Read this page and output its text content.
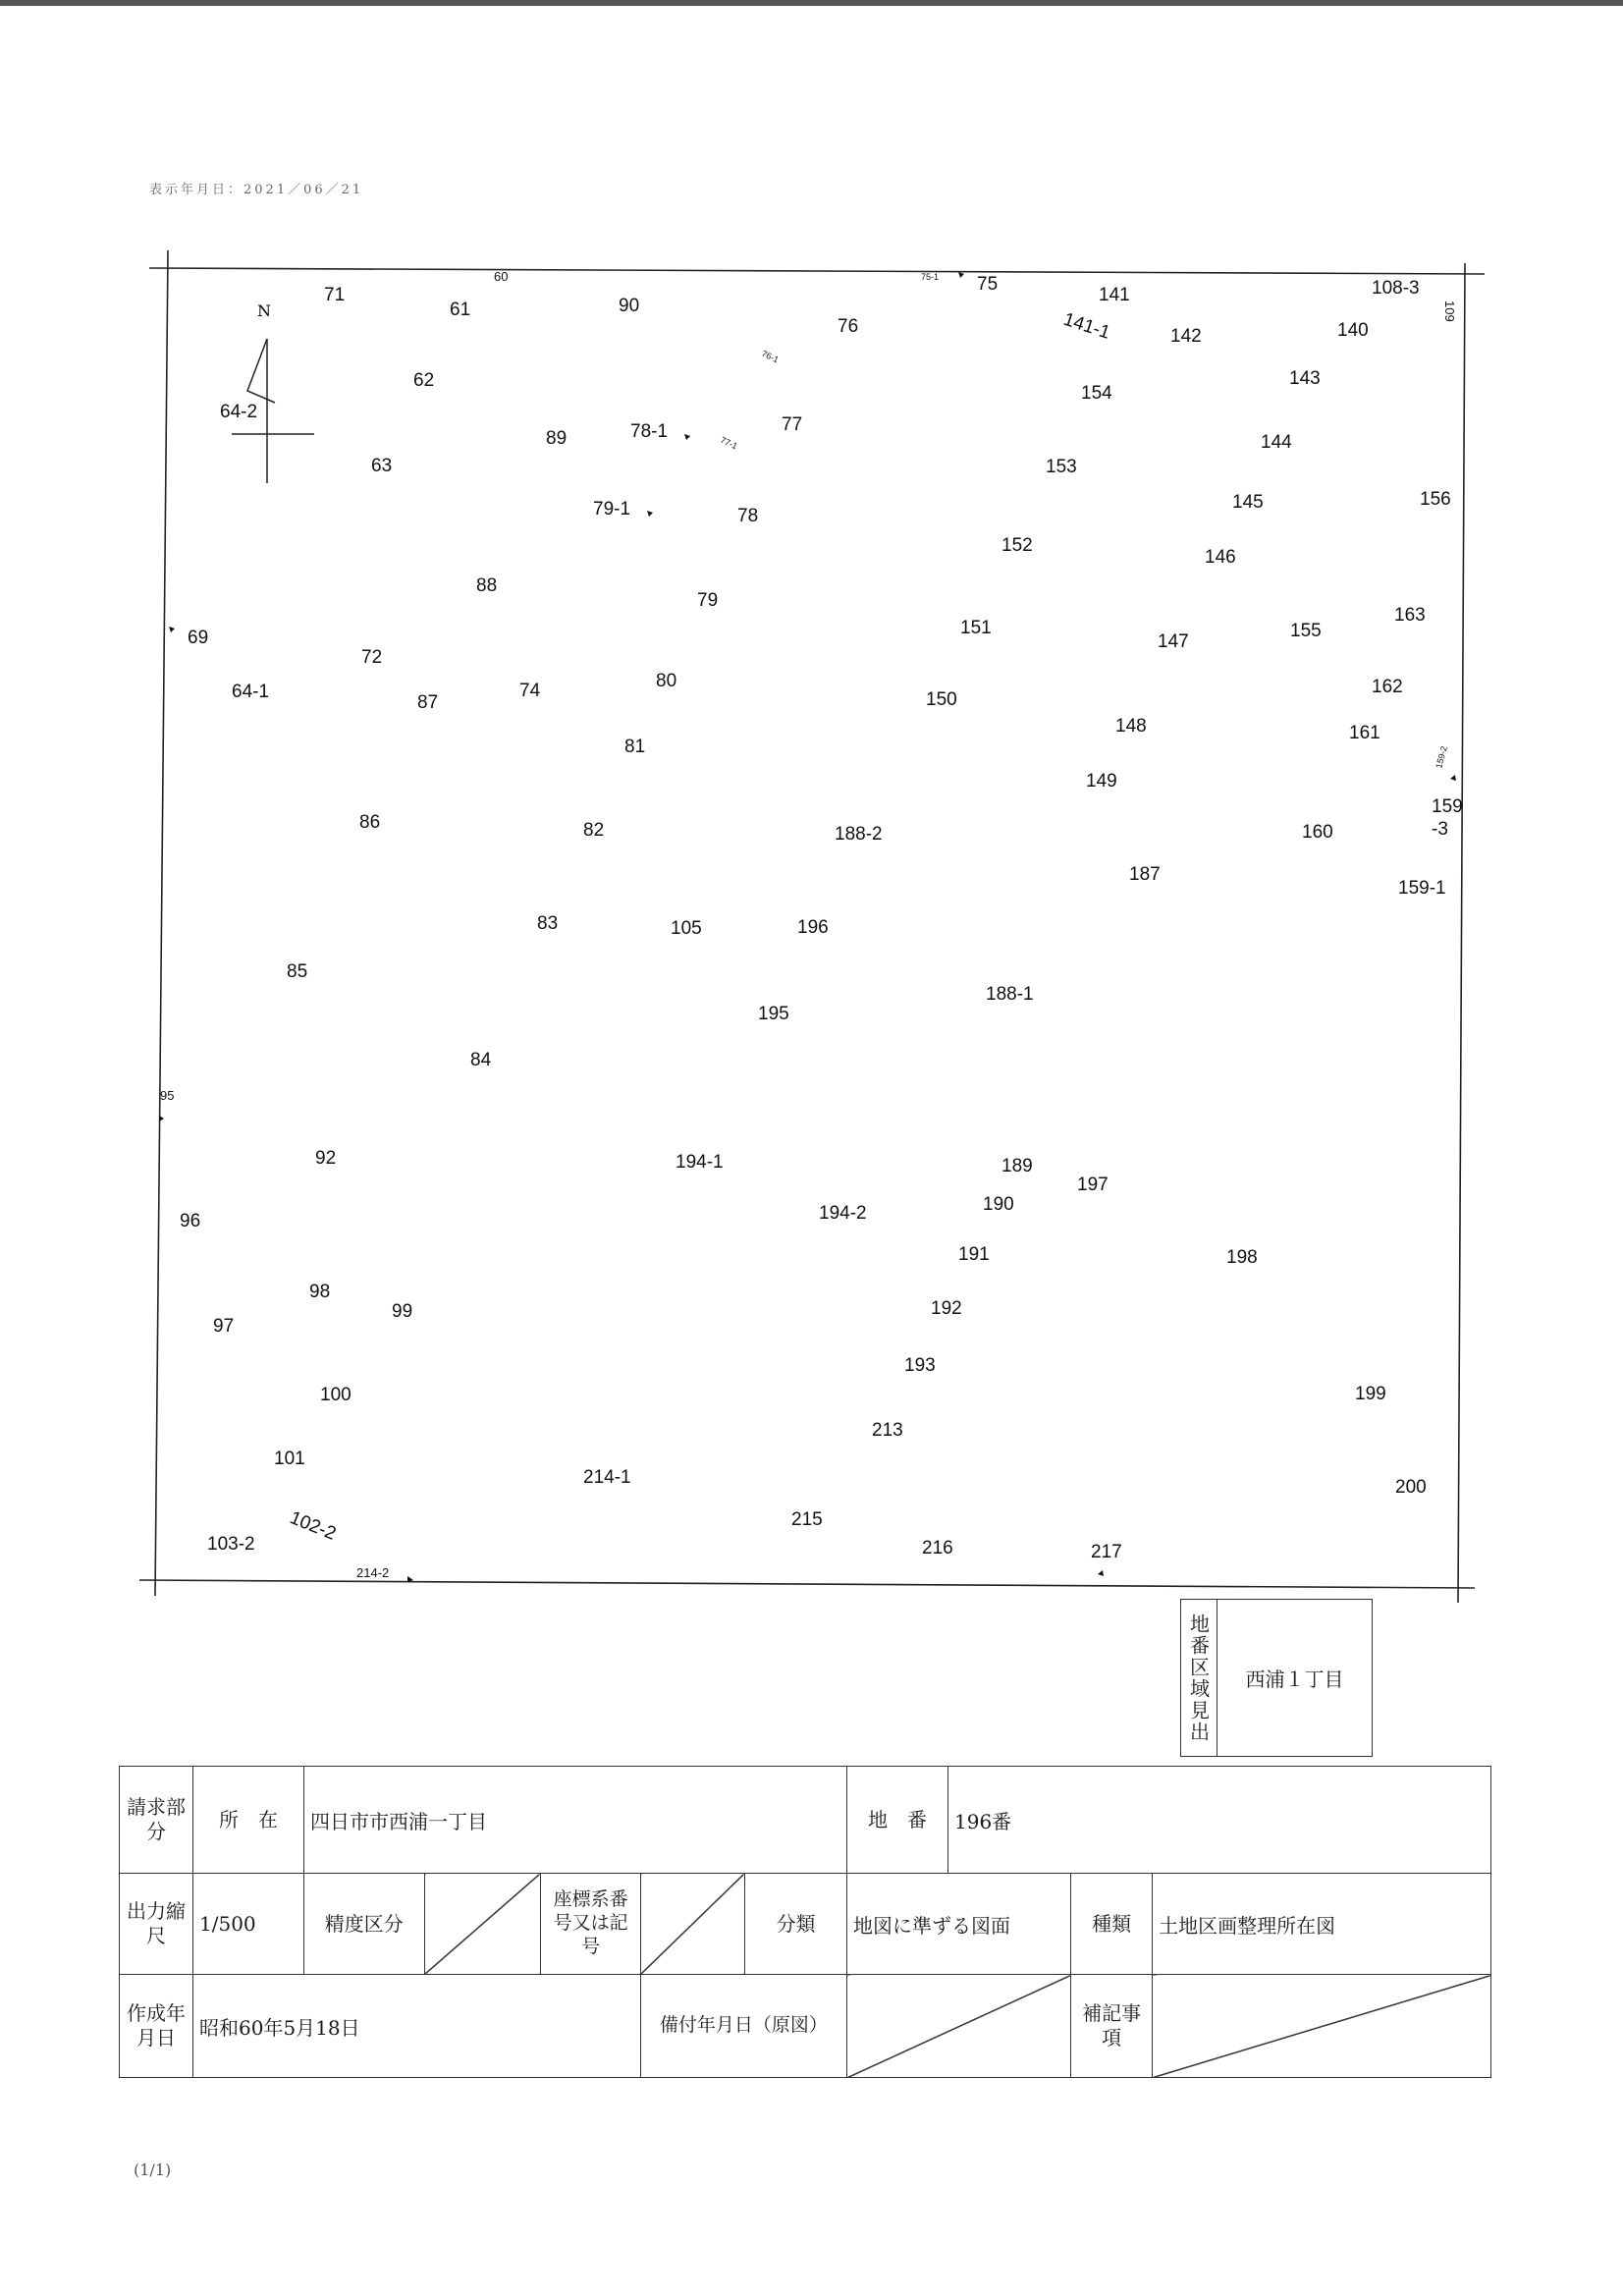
表示年月日：2021／06／21
N
71
60
61	90
75-1 75
141	108-3
109
141-1	142	140
76
76-1
62
154
143
64-2
89	78-1
77-1
77
63	153
144
79-1	78
145	156
152
146
88
79
151
147
155
163
69
72
80	162
64-1
87
74	150
148	161
81	159-2
149
86	82	188-2	160
159
-3
187
159-1
83	105	196
85
188-1
195
84
95
92	194-1	189
197
190
96	194-2
191	198
98
99	192
97
193
100	199
213
101
214-1	200
102-2	215
103-2	216	217
214-2
地番区域見出	西浦１丁目
請求部分	所　在	四日市市西浦一丁目					地　番	196番		
出力縮尺	1/500	精度区分		座標系番号又は記号		分類	地図に準ずる図面		種類	土地区画整理所在図
作成年月日	昭和60年5月18日				備付年月日（原図）				補記事項	
(1/1)
